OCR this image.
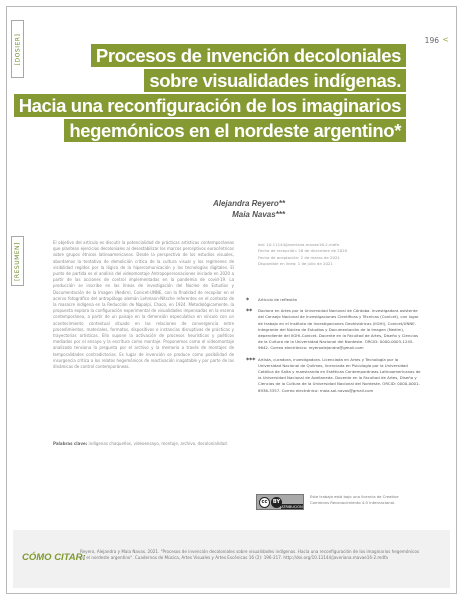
[DOSIER]	196 <
Procesos de invención decoloniales
sobre visualidades indígenas.
Hacia una reconfiguración de los imaginarios
hegemónicos en el nordeste argentino*
Alejandra Reyero**
Maia Navas***
[RESUMEN]	El objetivo del artículo es discutir la potencialidad de prácticas artísticas contemporáneas que plantean ejercicios decoloniales al desestabilizar los marcos perceptivos eurocéntricos sobre grupos étnicos latinoamericanos. Desde la perspectiva de los estudios visuales, abordamos la tentativa de demolición crítica de la cultura visual y los regímenes de visibilidad regidos por la lógica de la hipercomunicación y las tecnologías digitales. El punto de partida es el análisis del videomontaje Antropopersonaciones iniciado en 2020 a partir de las acciones de control implementadas en la pandemia de covid-19. La producción se inscribe en las líneas de investigación del Núcleo de Estudios y Documentación de la Imagen (Nedim), Conicet-UNNE, con la finalidad de recopilar en el acervo fotográfico del antropólogo alemán Lehmann-Nitsche referentes en el contexto de la masacre indígena en la Reducción de Napalpí, Chaco, en 1924. Metodológicamente, la propuesta explora la configuración experimental de visualidades impensadas en la escena contemporánea, a partir de un paisaje en la dimensión especulativa en vínculo con un acontecimiento contextual situado en las relaciones de convergencia entre procedimientos, materiales, formatos, dispositivos e instancias disruptivas de prácticas y trayectorias artísticas. Ello supone la activación de procesos heurísticos y poéticos mediados por el ensayo y la escritura como montaje. Proponemos como el videomontaje analizado tensiona la pregunta por el archivo y la memoria a través de montajes de temporalidades contradictorias. Es lugar de invención se produce como posibilidad de insurgencia crítica a los relatos hegemónicos de reactivación inagotable y por parte de las dinámicas de control contemporáneas.
Palabras clave: indígenas chaqueños, videoensayo, montaje, archivo, decolonialidad.
doi: 10.11144/javeriana.mavae16-2.mdfa
Fecha de recepción: 28 de diciembre de 2020
Fecha de aceptación: 2 de marzo de 2021
Disponible en línea: 1 de julio de 2021
* Artículo de reflexión
** Doctora en Artes por la Universidad Nacional de Córdoba. Investigadora asistente del Consejo Nacional de Investigaciones Científicas y Técnicas (Conicet), con lugar de trabajo en el Instituto de Investigaciones Geohistóricas (IIGHI), Conicet/UNNE. Integrante del Núcleo de Estudios y Documentación de la Imagen (Nedim), dependiente del IIGHI-Conicet. Docente en la Facultad de Artes, Diseño y Ciencias de la Cultura de la Universidad Nacional del Nordeste. ORCID: 0000-0003-1245-9642. Correo electrónico: reyeroalejandra@gmail.com
*** Artista, curadora, investigadora. Licenciada en Artes y Tecnología por la Universidad Nacional de Quilmes, licenciada en Psicología por la Universidad Católica de Salta y maestranda en Estéticas Contemporáneas Latinoamericanas de la Universidad Nacional de Avellaneda. Docente en la Facultad de Artes, Diseño y Ciencias de la Cultura de la Universidad Nacional del Nordeste. ORCID: 0000-0001-8936-3357. Correo electrónico: maia.sol.navas@gmail.com
cc	BY
ATRIBUCIÓN
Este trabajo está bajo una licencia de Creative Commons Reconocimiento 4.0 Internacional.
CÓMO CITAR:
Reyero, Alejandra y Maia Navas. 2021. "Procesos de invención decoloniales sobre visualidades indígenas. Hacia una reconfiguración de los imaginarios hegemónicos en el nordeste argentino". Cuadernos de Música, Artes Visuales y Artes Escénicas 16 (2): 196-217. http://doi.org/10.11144/javeriana.mavae16-2.mdfa
